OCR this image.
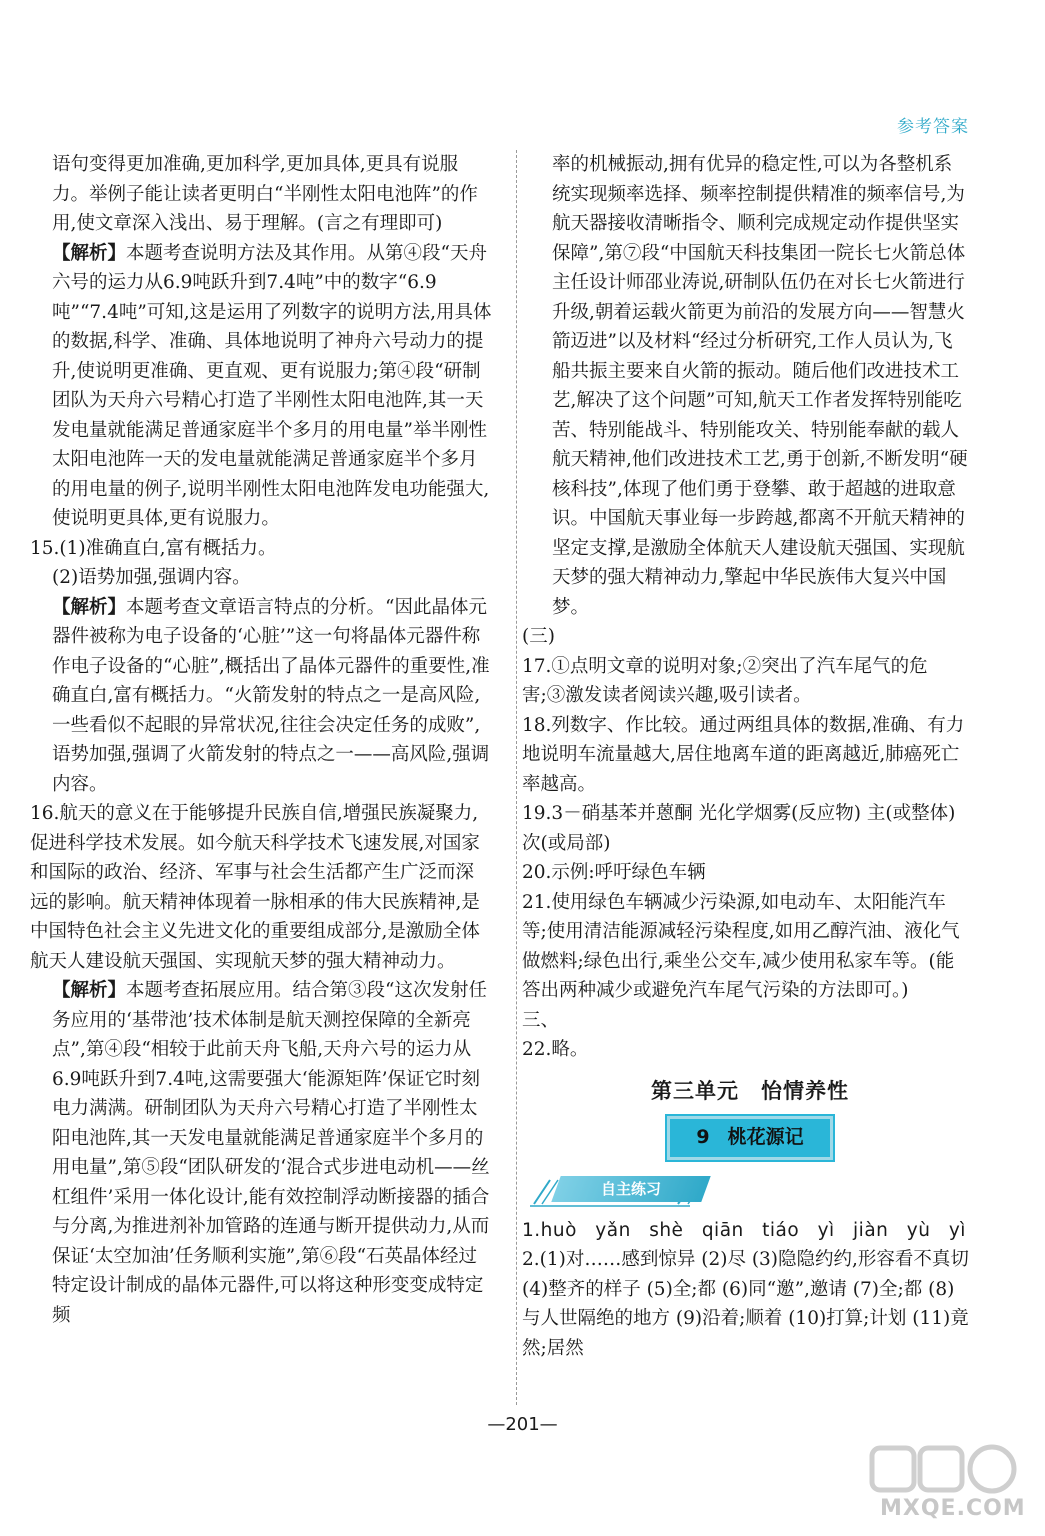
参考答案

语句变得更加准确,更加科学,更加具体,更具有说服力。举例子能让读者更明白“半刚性太阳电池阵”的作用,使文章深入浅出、易于理解。(言之有理即可)

【解析】本题考查说明方法及其作用。从第④段“天舟六号的运力从6.9吨跃升到7.4吨”中的数字“6.9吨”“7.4吨”可知,这是运用了列数字的说明方法,用具体的数据,科学、准确、具体地说明了神舟六号动力的提升,使说明更准确、更直观、更有说服力;第④段“研制团队为天舟六号精心打造了半刚性太阳电池阵,其一天发电量就能满足普通家庭半个多月的用电量”举半刚性太阳电池阵一天的发电量就能满足普通家庭半个多月的用电量的例子,说明半刚性太阳电池阵发电功能强大,使说明更具体,更有说服力。

15.(1)准确直白,富有概括力。

(2)语势加强,强调内容。

【解析】本题考查文章语言特点的分析。“因此晶体元器件被称为电子设备的‘心脏’”这一句将晶体元器件称作电子设备的“心脏”,概括出了晶体元器件的重要性,准确直白,富有概括力。“火箭发射的特点之一是高风险,一些看似不起眼的异常状况,往往会决定任务的成败”,语势加强,强调了火箭发射的特点之一——高风险,强调内容。

16.航天的意义在于能够提升民族自信,增强民族凝聚力,促进科学技术发展。如今航天科学技术飞速发展,对国家和国际的政治、经济、军事与社会生活都产生广泛而深远的影响。航天精神体现着一脉相承的伟大民族精神,是中国特色社会主义先进文化的重要组成部分,是激励全体航天人建设航天强国、实现航天梦的强大精神动力。

【解析】本题考查拓展应用。结合第③段“这次发射任务应用的‘基带池’技术体制是航天测控保障的全新亮点”,第④段“相较于此前天舟飞船,天舟六号的运力从6.9吨跃升到7.4吨,这需要强大‘能源矩阵’保证它时刻电力满满。研制团队为天舟六号精心打造了半刚性太阳电池阵,其一天发电量就能满足普通家庭半个多月的用电量”,第⑤段“团队研发的‘混合式步进电动机——丝杠组件’采用一体化设计,能有效控制浮动断接器的插合与分离,为推进剂补加管路的连通与断开提供动力,从而保证‘太空加油’任务顺利实施”,第⑥段“石英晶体经过特定设计制成的晶体元器件,可以将这种形变变成特定频

率的机械振动,拥有优异的稳定性,可以为各整机系统实现频率选择、频率控制提供精准的频率信号,为航天器接收清晰指令、顺利完成规定动作提供坚实保障”,第⑦段“中国航天科技集团一院长七火箭总体主任设计师邵业涛说,研制队伍仍在对长七火箭进行升级,朝着运载火箭更为前沿的发展方向——智慧火箭迈进”以及材料“经过分析研究,工作人员认为,飞船共振主要来自火箭的振动。随后他们改进技术工艺,解决了这个问题”可知,航天工作者发挥特别能吃苦、特别能战斗、特别能攻关、特别能奉献的载人航天精神,他们改进技术工艺,勇于创新,不断发明“硬核科技”,体现了他们勇于登攀、敢于超越的进取意识。中国航天事业每一步跨越,都离不开航天精神的坚定支撑,是激励全体航天人建设航天强国、实现航天梦的强大精神动力,擎起中华民族伟大复兴中国梦。

(三)

17.①点明文章的说明对象;②突出了汽车尾气的危害;③激发读者阅读兴趣,吸引读者。

18.列数字、作比较。通过两组具体的数据,准确、有力地说明车流量越大,居住地离车道的距离越近,肺癌死亡率越高。

19.3－硝基苯并蒽酮 光化学烟雾(反应物) 主(或整体) 次(或局部)

20.示例:呼吁绿色车辆

21.使用绿色车辆减少污染源,如电动车、太阳能汽车等;使用清洁能源减轻污染程度,如用乙醇汽油、液化气做燃料;绿色出行,乘坐公交车,减少使用私家车等。(能答出两种减少或避免汽车尾气污染的方法即可。)

三、

22.略。

第三单元　怡情养性
9 桃花源记
自主练习

1.huò yǎn shè qiān tiáo yì jiàn yù yì

2.(1)对……感到惊异 (2)尽 (3)隐隐约约,形容看不真切 (4)整齐的样子 (5)全;都 (6)同“邀”,邀请 (7)全;都 (8)与人世隔绝的地方 (9)沿着;顺着 (10)打算;计划 (11)竟然;居然

—201—
MXQE.COM
